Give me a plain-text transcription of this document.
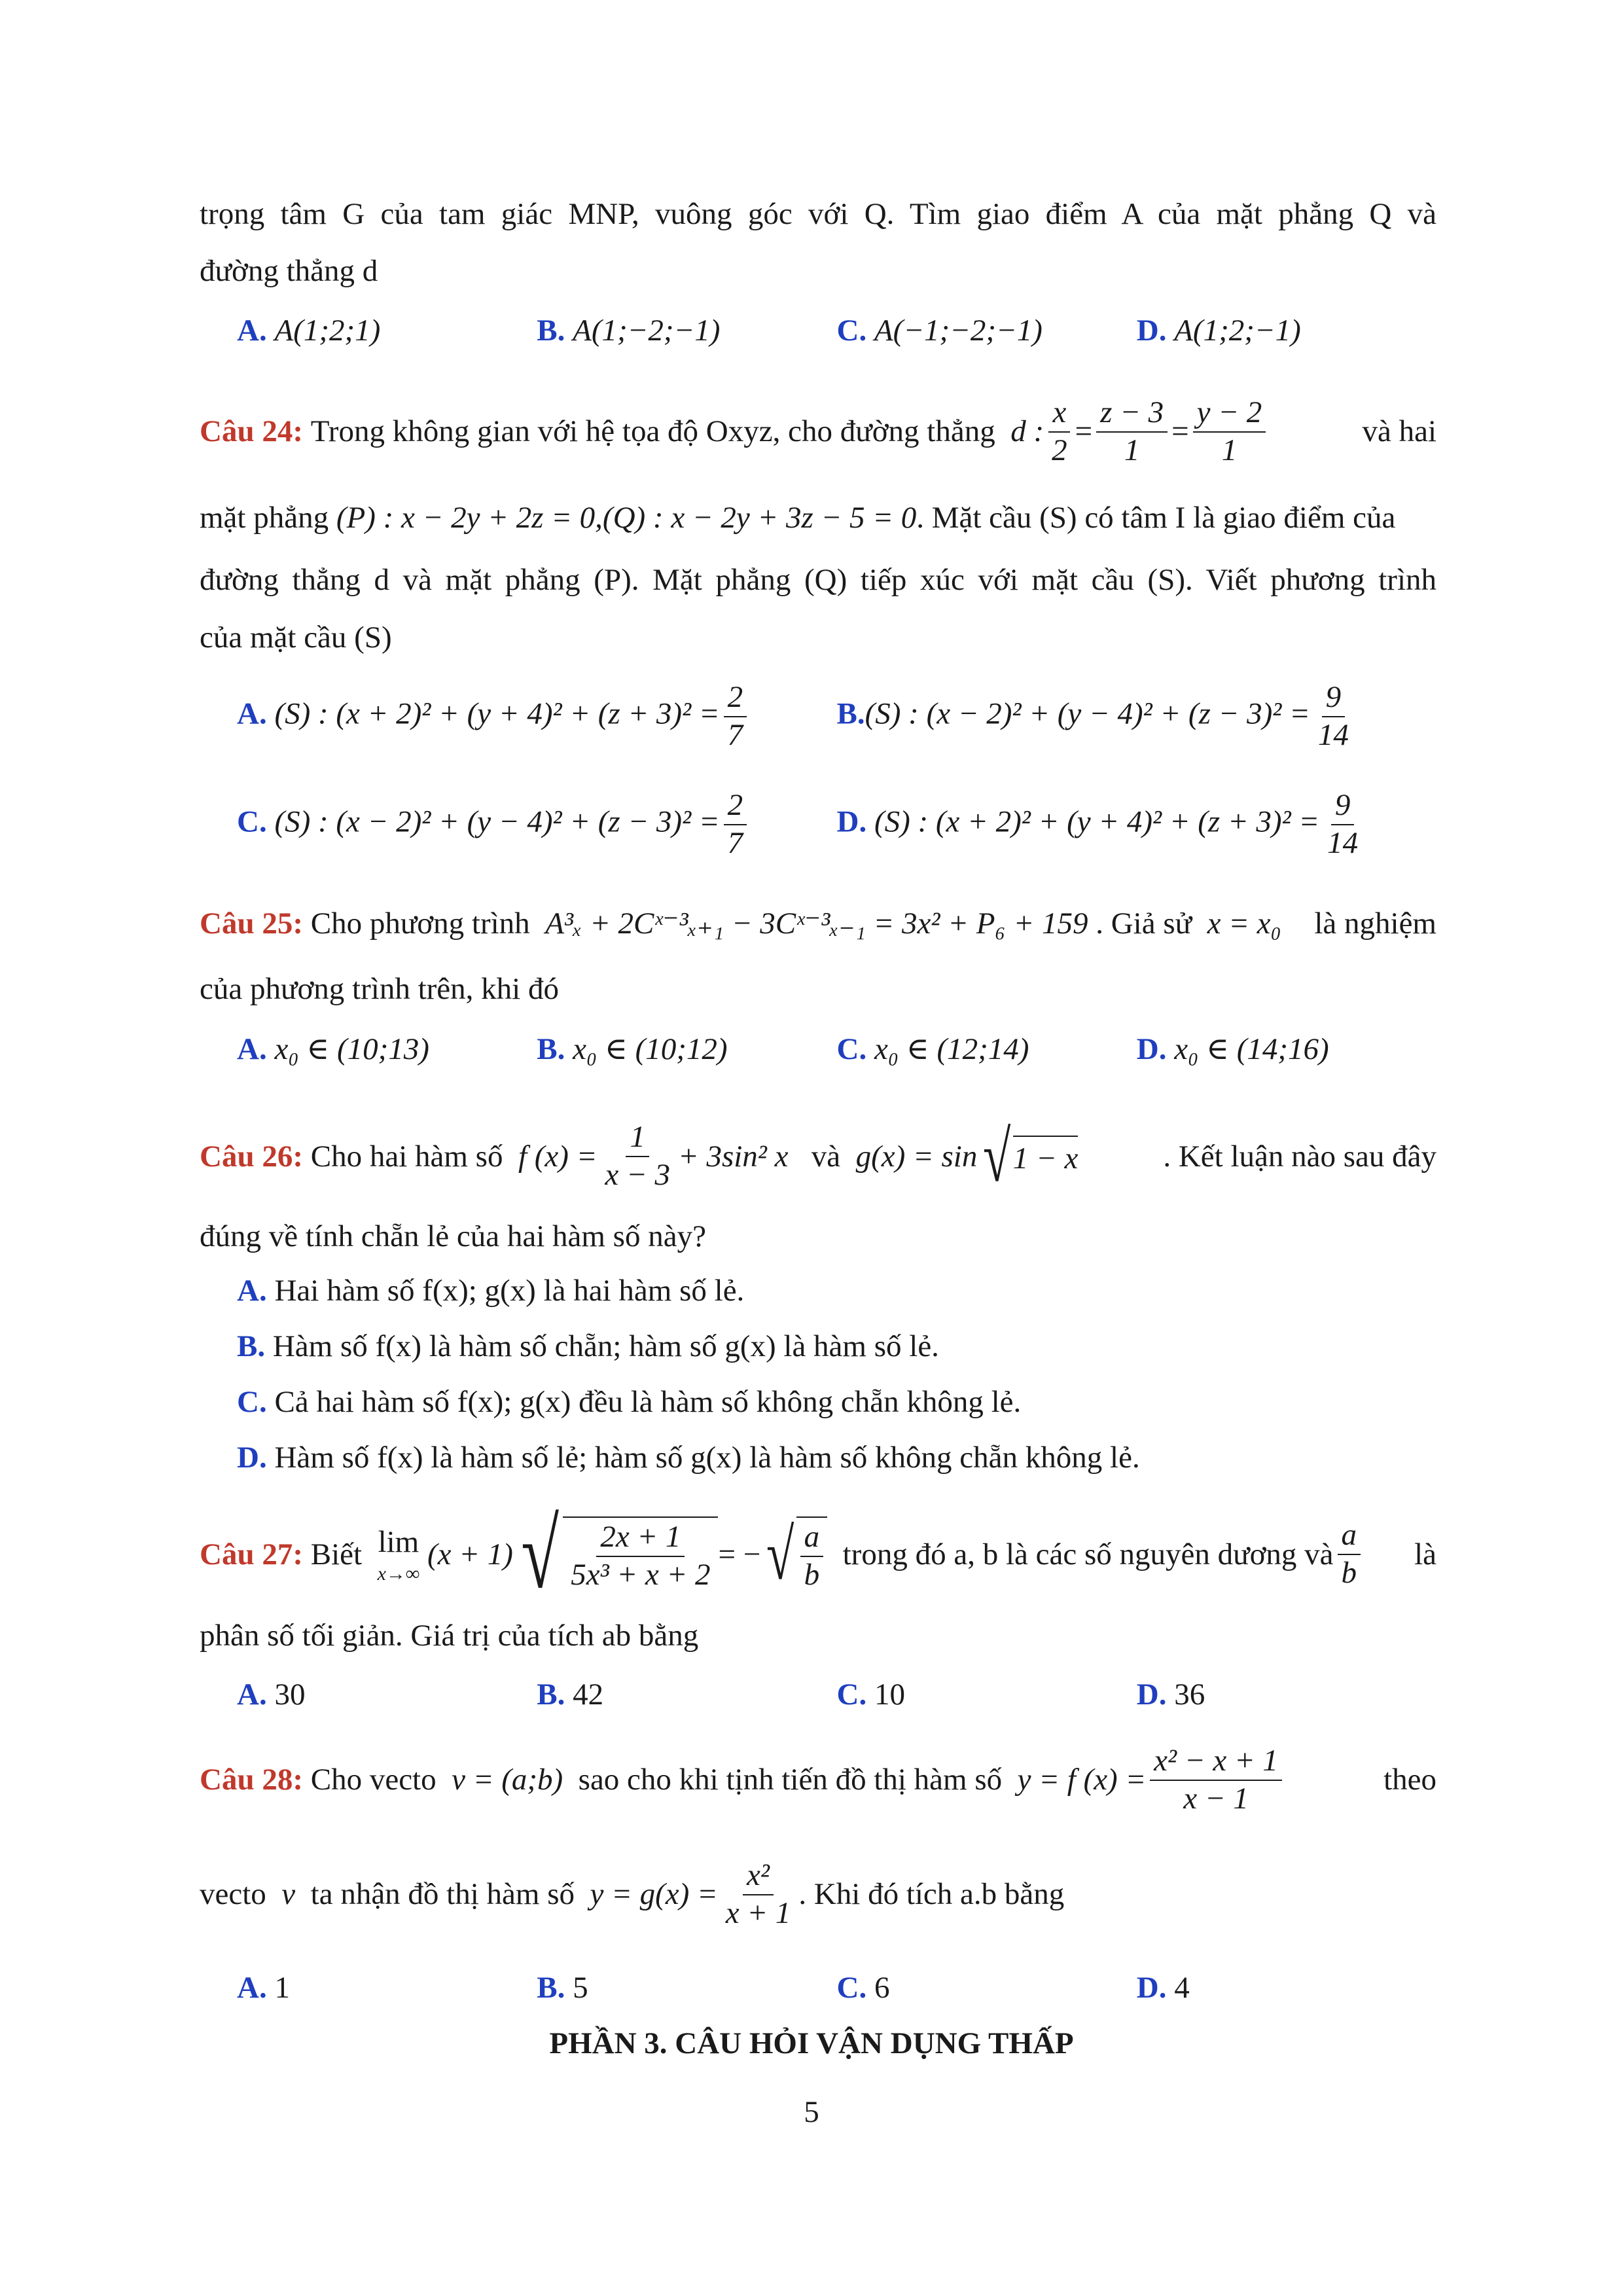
trọng tâm G của tam giác MNP, vuông góc với Q. Tìm giao điểm A của mặt phẳng Q và
đường thẳng d
A. A(1;2;1)	B. A(1;−2;−1)	C. A(−1;−2;−1)	D. A(1;2;−1)
Câu 24:
Trong không gian với hệ tọa độ Oxyz, cho đường thẳng
d : $\frac{x}{2} = \frac{z - 3}{1} = \frac{y - 2}{1}$	và hai
mặt phẳng (P) : x − 2y + 2z = 0,(Q) : x − 2y + 3z − 5 = 0. Mặt cầu (S) có tâm I là giao điểm của
đường thẳng d và mặt phẳng (P). Mặt phẳng (Q) tiếp xúc với mặt cầu (S). Viết phương trình
của mặt cầu (S)
A. (S) : $(x + 2)^2 + (y + 4)^2 + (z + 3)^2 = \frac{2}{7}$	B.(S) : $(x - 2)^2 + (y - 4)^2 + (z - 3)^2 = \frac{9}{14}$
C. (S) : $(x - 2)^2 + (y - 4)^2 + (z - 3)^2 = \frac{2}{7}$	D. (S) : $(x + 2)^2 + (y + 4)^2 + (z + 3)^2 = \frac{9}{14}$
Câu 25:
Cho phương trình
A³ₓ + 2Cˣ⁻³ₓ₊₁ − 3Cˣ⁻³ₓ₋₁ = 3x² + P₆ + 159
. Giả sử
x = x₀ là nghiệm
của phương trình trên, khi đó
A. x₀ ∈ (10;13)	B. x₀ ∈ (10;12)	C. x₀ ∈ (12;14)	D. x₀ ∈ (14;16)
Câu 26:
Cho hai hàm số
f $(x) = \frac{1}{x - 3} + 3\sin^2$ x
và
g(x) = sin √ 1 − x	. Kết luận nào sau đây
đúng về tính chẵn lẻ của hai hàm số này?
A. Hai hàm số f(x); g(x) là hai hàm số lẻ.
B. Hàm số f(x) là hàm số chẵn; hàm số g(x) là hàm số lẻ.
C. Cả hai hàm số f(x); g(x) đều là hàm số không chẵn không lẻ.
D. Hàm số f(x) là hàm số lẻ; hàm số g(x) là hàm số không chẵn không lẻ.
Câu 27:
Biết
lim
x→∞

(x + 1) √ $\frac{2x + 1}{\text{5x³ + x + 2}}$ = − √ $\frac{a}{b}$
trong đó a, b là các số nguyên dương và $\frac{a}{b}$ là
phân số tối giản. Giá trị của tích ab bằng
A. 30	B. 42	C. 10	D. 36
Câu 28:
Cho vecto
v = (a;b)
sao cho khi tịnh tiến đồ thị hàm số
y = f $(x) = \frac{\text{x² − x + 1}}{x - 1}$	theo
vecto
v
ta nhận đồ thị hàm số
$y = g(x) = \frac{\text{x²}}{x + 1}$ . Khi đó tích a.b bằng
A. 1	B. 5	C. 6	D. 4
PHẦN 3. CÂU HỎI VẬN DỤNG THẤP
5
